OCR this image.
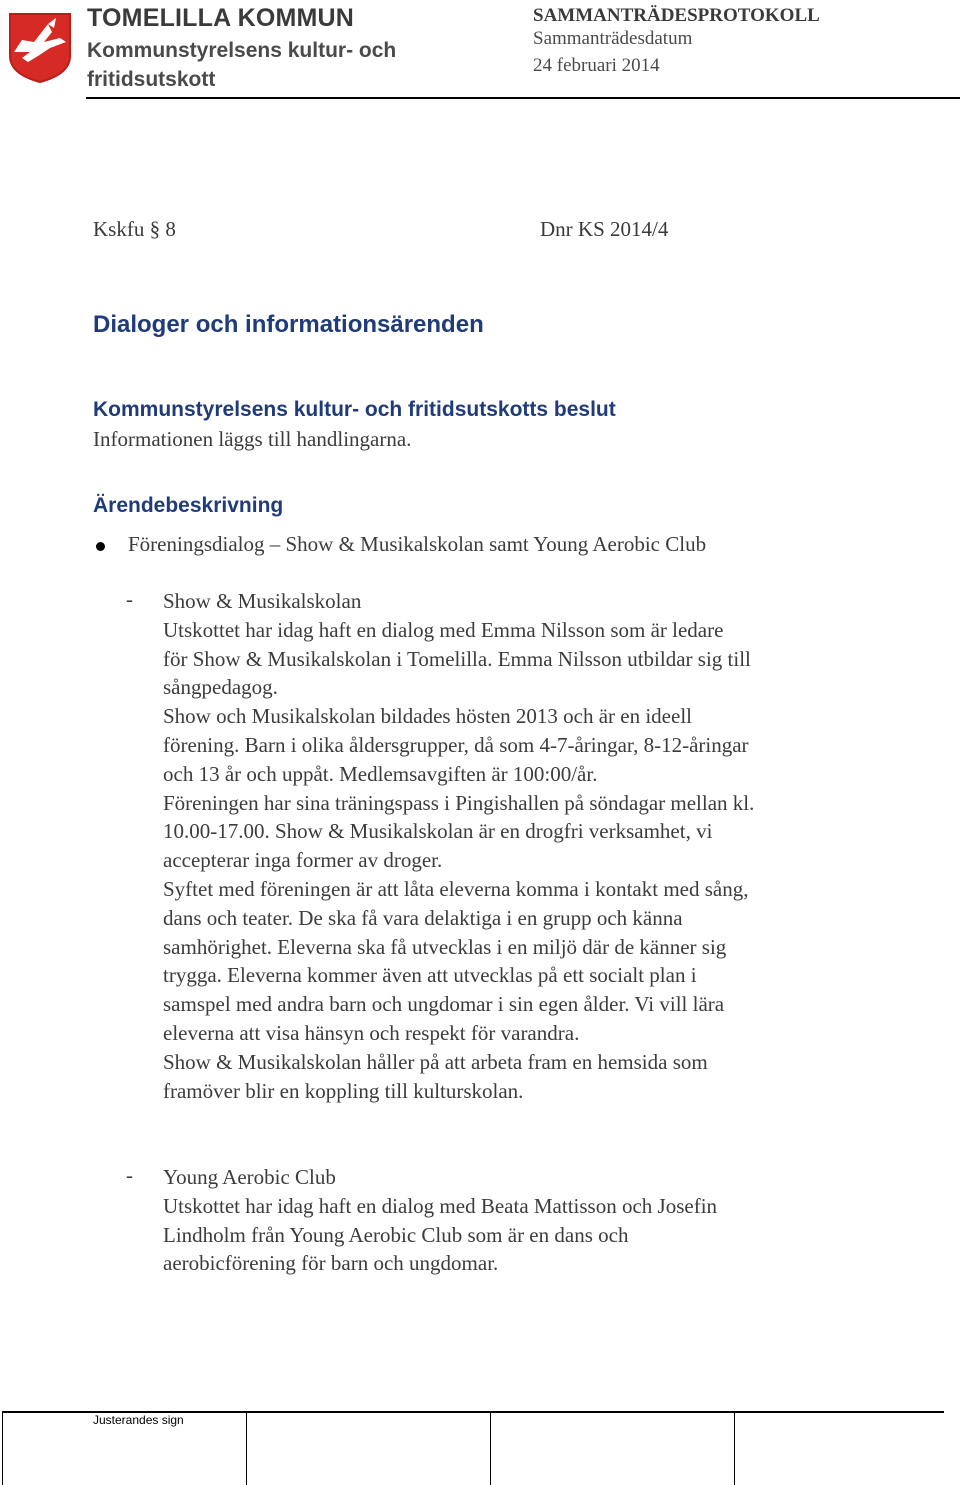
TOMELILLA KOMMUN
Kommunstyrelsens kultur- och fritidsutskott
SAMMANTRÄDESPROTOKOLL
Sammanträdesdatum
24 februari 2014
Kskfu § 8	Dnr KS 2014/4
Dialoger och informationsärenden
Kommunstyrelsens kultur- och fritidsutskotts beslut
Informationen läggs till handlingarna.
Ärendebeskrivning
Föreningsdialog – Show & Musikalskolan samt Young Aerobic Club
- Show & Musikalskolan
Utskottet har idag haft en dialog med Emma Nilsson som är ledare
för Show & Musikalskolan i Tomelilla. Emma Nilsson utbildar sig till
sångpedagog.
Show och Musikalskolan bildades hösten 2013 och är en ideell
förening. Barn i olika åldersgrupper, då som 4-7-åringar, 8-12-åringar
och 13 år och uppåt. Medlemsavgiften är 100:00/år.
Föreningen har sina träningspass i Pingishallen på söndagar mellan kl.
10.00-17.00. Show & Musikalskolan är en drogfri verksamhet, vi
accepterar inga former av droger.
Syftet med föreningen är att låta eleverna komma i kontakt med sång,
dans och teater. De ska få vara delaktiga i en grupp och känna
samhörighet. Eleverna ska få utvecklas i en miljö där de känner sig
trygga. Eleverna kommer även att utvecklas på ett socialt plan i
samspel med andra barn och ungdomar i sin egen ålder. Vi vill lära
eleverna att visa hänsyn och respekt för varandra.
Show & Musikalskolan håller på att arbeta fram en hemsida som
framöver blir en koppling till kulturskolan.
- Young Aerobic Club
Utskottet har idag haft en dialog med Beata Mattisson och Josefin
Lindholm från Young Aerobic Club som är en dans och
aerobicförening för barn och ungdomar.
Justerandes sign
